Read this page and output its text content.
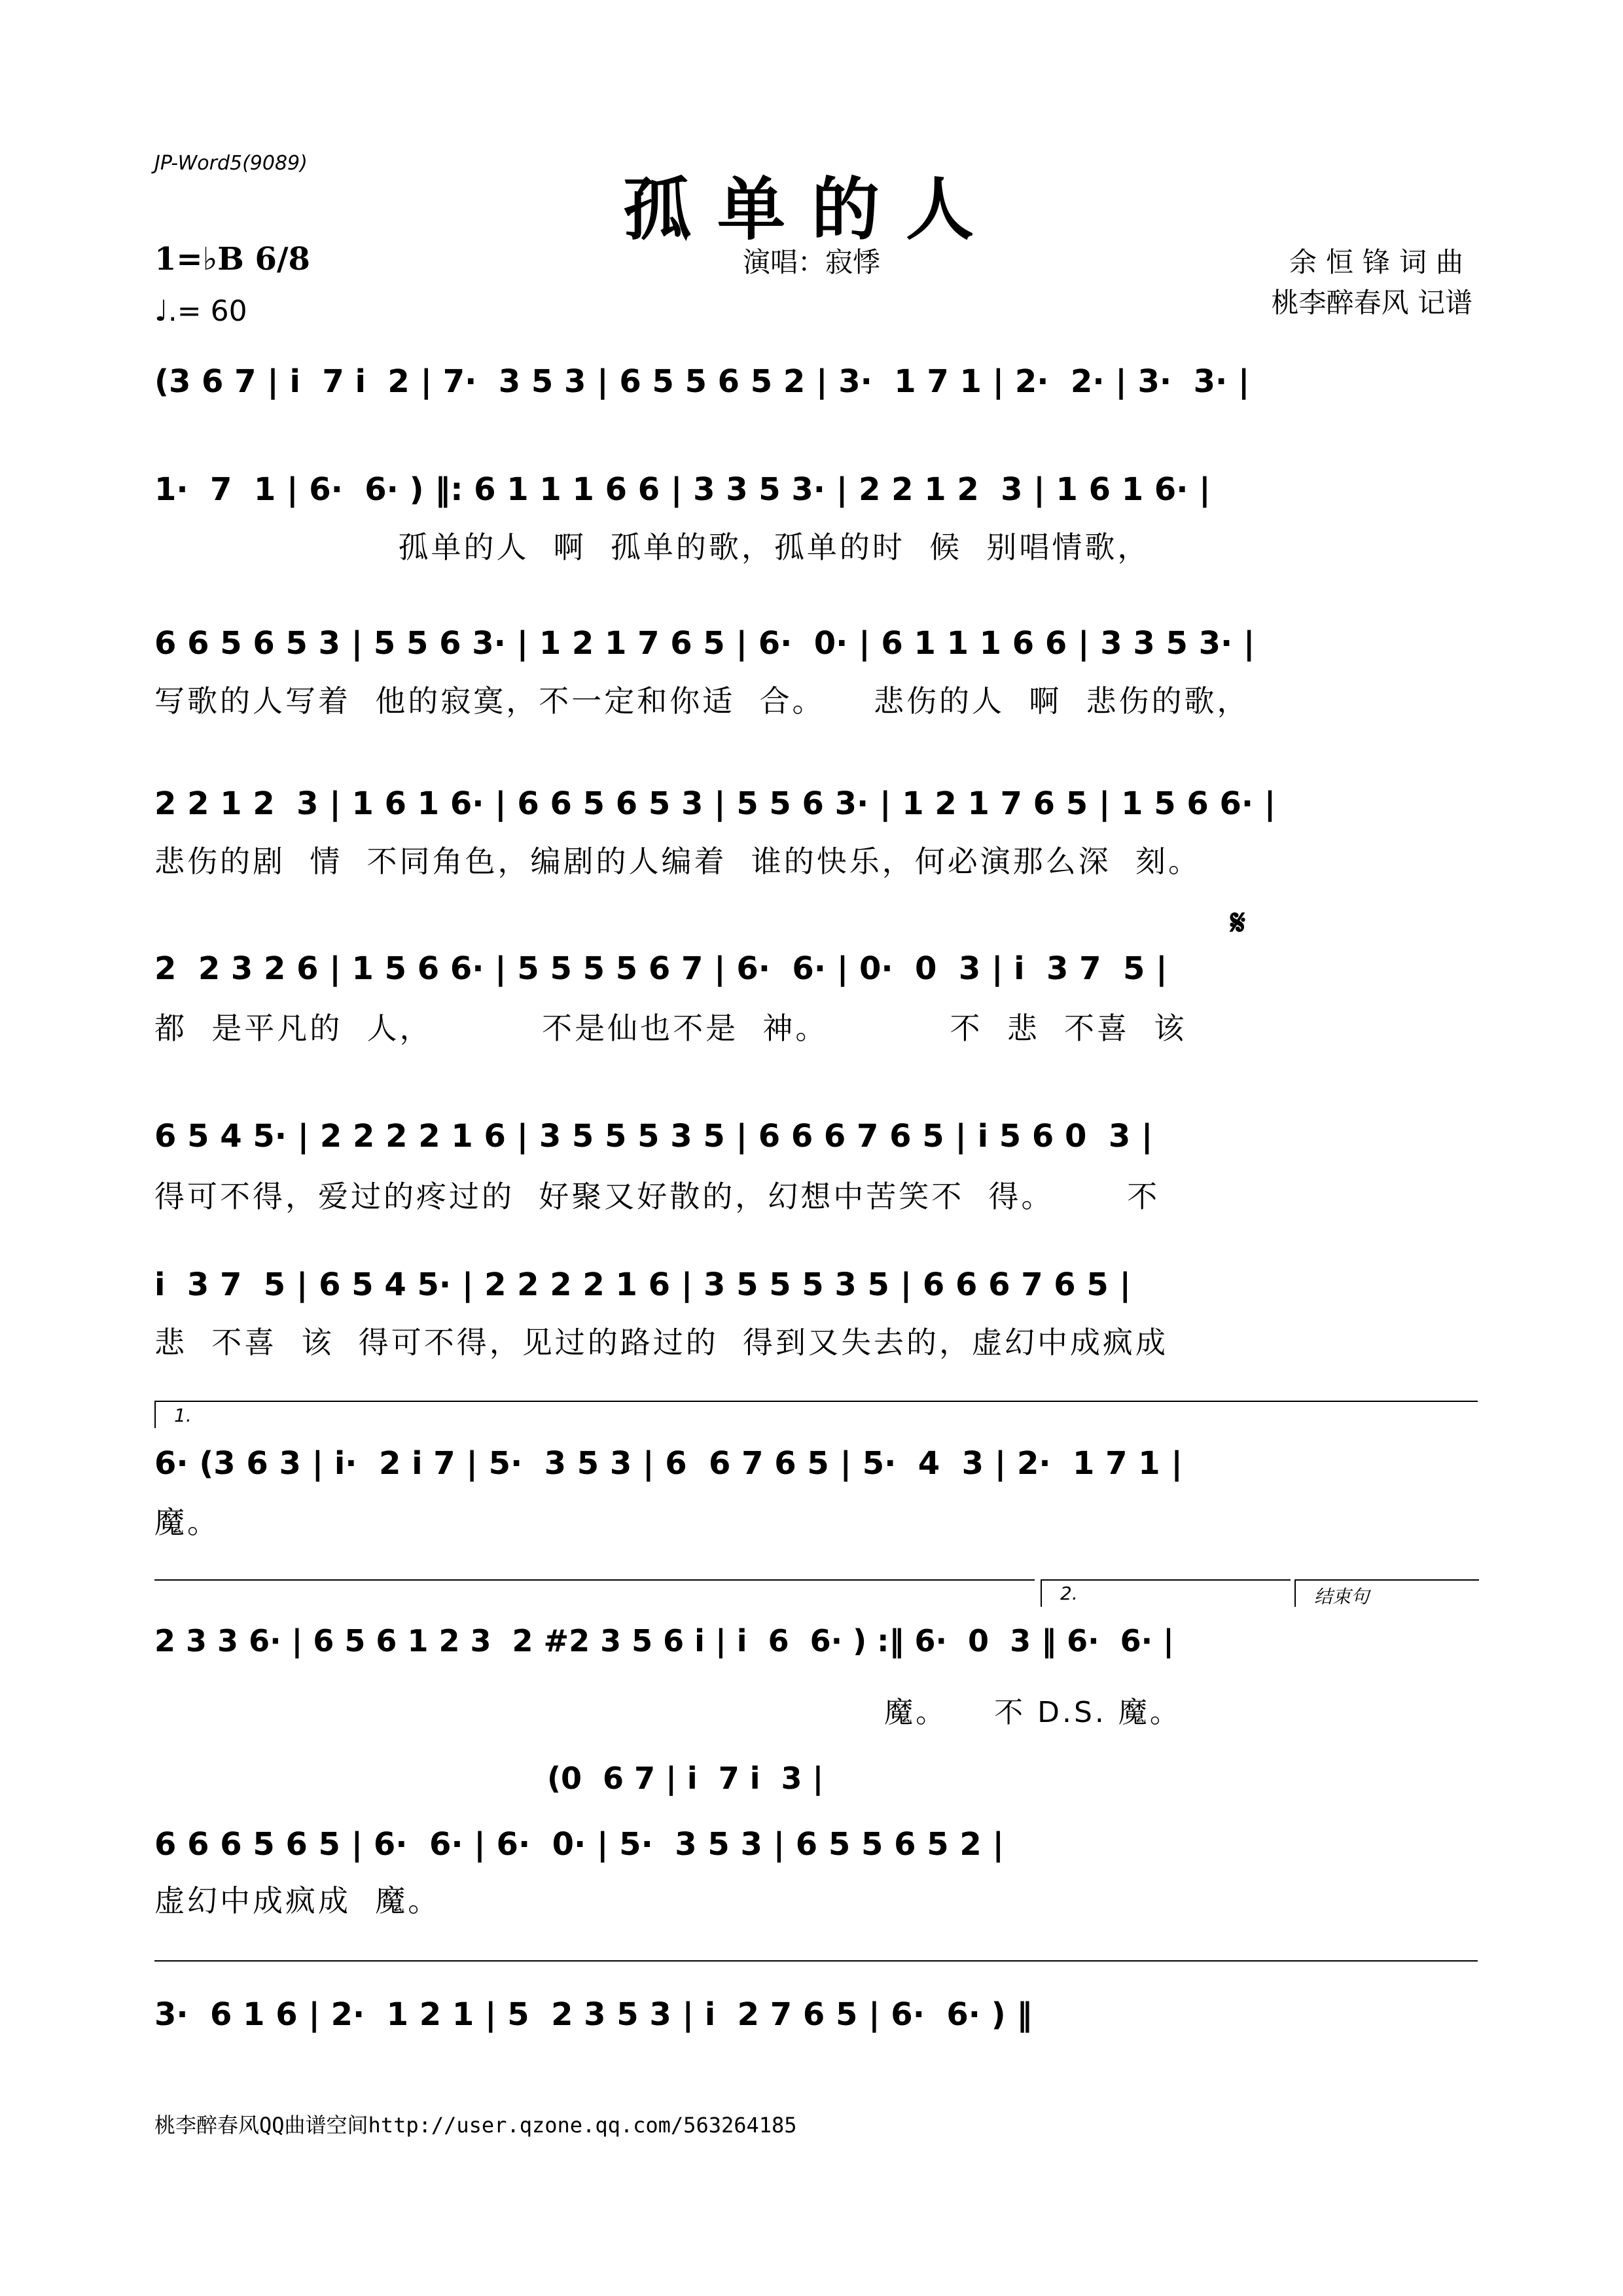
JP-Word5(9089)
孤单的人
1=♭B 6/8
♩.= 60
演唱：寂悸	余恒锋词曲
桃李醉春风 记谱
(3 6 7 | i  7 i  2 | 7·  3 5 3 | 6 5 5 6 5 2 | 3·  1 7 1 | 2·  2· | 3·  3· |
1·  7  1 | 6·  6· ) ‖: 6 1 1 1 6 6 | 3 3 5 3· | 2 2 1 2  3 | 1 6 1 6· |
孤单的人  啊  孤单的歌，孤单的时  候  别唱情歌，
6 6 5 6 5 3 | 5 5 6 3· | 1 2 1 7 6 5 | 6·  0· | 6 1 1 1 6 6 | 3 3 5 3· |
写歌的人写着  他的寂寞，不一定和你适  合。    悲伤的人  啊  悲伤的歌，
2 2 1 2  3 | 1 6 1 6· | 6 6 5 6 5 3 | 5 5 6 3· | 1 2 1 7 6 5 | 1 5 6 6· |
悲伤的剧  情  不同角色，编剧的人编着  谁的快乐，何必演那么深  刻。
𝄋
2  2 3 2 6 | 1 5 6 6· | 5 5 5 5 6 7 | 6·  6· | 0·  0  3 | i  3 7  5 |
都  是平凡的  人，         不是仙也不是  神。          不  悲  不喜  该
6 5 4 5· | 2 2 2 2 1 6 | 3 5 5 5 3 5 | 6 6 6 7 6 5 | i 5 6 0  3 |
得可不得，爱过的疼过的  好聚又好散的，幻想中苦笑不  得。      不
i  3 7  5 | 6 5 4 5· | 2 2 2 2 1 6 | 3 5 5 5 3 5 | 6 6 6 7 6 5 |
悲  不喜  该  得可不得，见过的路过的  得到又失去的，虚幻中成疯成
1.
6· (3 6 3 | i·  2 i 7 | 5·  3 5 3 | 6  6 7 6 5 | 5·  4  3 | 2·  1 7 1 |
魔。
2.	结束句
2 3 3 6· | 6 5 6 1 2 3  2 #2 3 5 6 i | i  6  6· ) :‖ 6·  0  3 ‖ 6·  6· |
魔。    不 D.S. 魔。
(0  6 7 | i  7 i  3 |
6 6 6 5 6 5 | 6·  6· | 6·  0· | 5·  3 5 3 | 6 5 5 6 5 2 |
虚幻中成疯成  魔。
3·  6 1 6 | 2·  1 2 1 | 5  2 3 5 3 | i  2 7 6 5 | 6·  6· ) ‖
桃李醉春风QQ曲谱空间http://user.qzone.qq.com/563264185
